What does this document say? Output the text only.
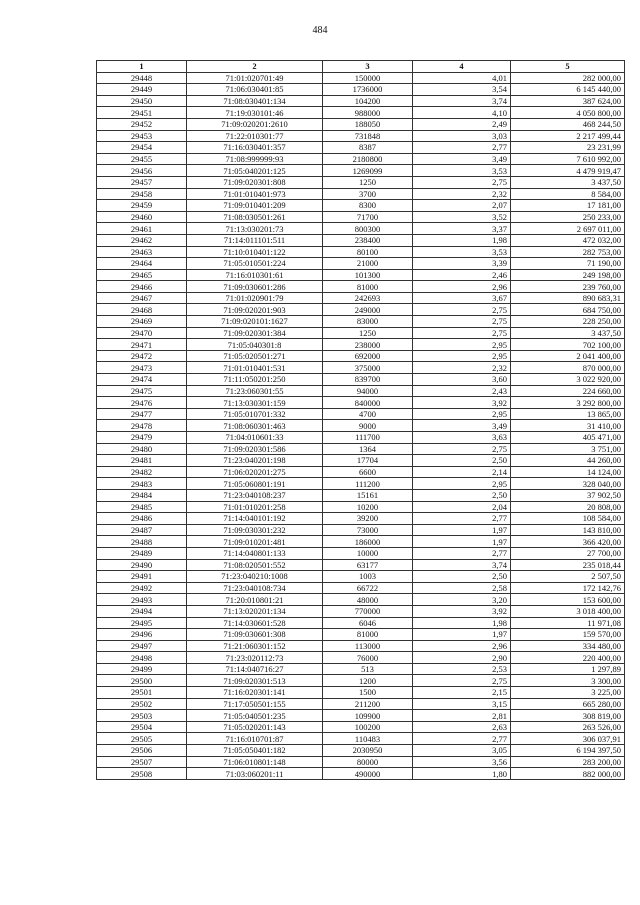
484
1	2	3	4	5
29448	71:01:020701:49	150000	4,01	282 000,00
29449	71:06:030401:85	1736000	3,54	6 145 440,00
29450	71:08:030401:134	104200	3,74	387 624,00
29451	71:19:030101:46	988000	4,10	4 050 800,00
29452	71:09:020201:2610	188050	2,49	468 244,50
29453	71:22:010301:77	731848	3,03	2 217 499,44
29454	71:16:030401:357	8387	2,77	23 231,99
29455	71:08:999999:93	2180800	3,49	7 610 992,00
29456	71:05:040201:125	1269099	3,53	4 479 919,47
29457	71:09:020301:808	1250	2,75	3 437,50
29458	71:01:010401:973	3700	2,32	8 584,00
29459	71:09:010401:209	8300	2,07	17 181,00
29460	71:08:030501:261	71700	3,52	250 233,00
29461	71:13:030201:73	800300	3,37	2 697 011,00
29462	71:14:011101:511	238400	1,98	472 032,00
29463	71:10:010401:122	80100	3,53	282 753,00
29464	71:05:010501:224	21000	3,39	71 190,00
29465	71:16:010301:61	101300	2,46	249 198,00
29466	71:09:030601:286	81000	2,96	239 760,00
29467	71:01:020901:79	242693	3,67	890 683,31
29468	71:09:020201:903	249000	2,75	684 750,00
29469	71:09:020101:1627	83000	2,75	228 250,00
29470	71:09:020301:384	1250	2,75	3 437,50
29471	71:05:040301:8	238000	2,95	702 100,00
29472	71:05:020501:271	692000	2,95	2 041 400,00
29473	71:01:010401:531	375000	2,32	870 000,00
29474	71:11:050201:250	839700	3,60	3 022 920,00
29475	71:23:060301:55	94000	2,43	224 660,00
29476	71:13:030301:159	840000	3,92	3 292 800,00
29477	71:05:010701:332	4700	2,95	13 865,00
29478	71:08:060301:463	9000	3,49	31 410,00
29479	71:04:010601:33	111700	3,63	405 471,00
29480	71:09:020301:586	1364	2,75	3 751,00
29481	71:23:040201:198	17704	2,50	44 260,00
29482	71:06:020201:275	6600	2,14	14 124,00
29483	71:05:060801:191	111200	2,95	328 040,00
29484	71:23:040108:237	15161	2,50	37 902,50
29485	71:01:010201:258	10200	2,04	20 808,00
29486	71:14:040101:192	39200	2,77	108 584,00
29487	71:09:030301:232	73000	1,97	143 810,00
29488	71:09:010201:481	186000	1,97	366 420,00
29489	71:14:040801:133	10000	2,77	27 700,00
29490	71:08:020501:552	63177	3,74	235 018,44
29491	71:23:040210:1008	1003	2,50	2 507,50
29492	71:23:040108:734	66722	2,58	172 142,76
29493	71:20:010801:21	48000	3,20	153 600,00
29494	71:13:020201:134	770000	3,92	3 018 400,00
29495	71:14:030601:528	6046	1,98	11 971,08
29496	71:09:030601:308	81000	1,97	159 570,00
29497	71:21:060301:152	113000	2,96	334 480,00
29498	71:23:020112:73	76000	2,90	220 400,00
29499	71:14:040716:27	513	2,53	1 297,89
29500	71:09:020301:513	1200	2,75	3 300,00
29501	71:16:020301:141	1500	2,15	3 225,00
29502	71:17:050501:155	211200	3,15	665 280,00
29503	71:05:040501:235	109900	2,81	308 819,00
29504	71:05:020201:143	100200	2,63	263 526,00
29505	71:16:010701:87	110483	2,77	306 037,91
29506	71:05:050401:182	2030950	3,05	6 194 397,50
29507	71:06:010801:148	80000	3,56	283 200,00
29508	71:03:060201:11	490000	1,80	882 000,00
